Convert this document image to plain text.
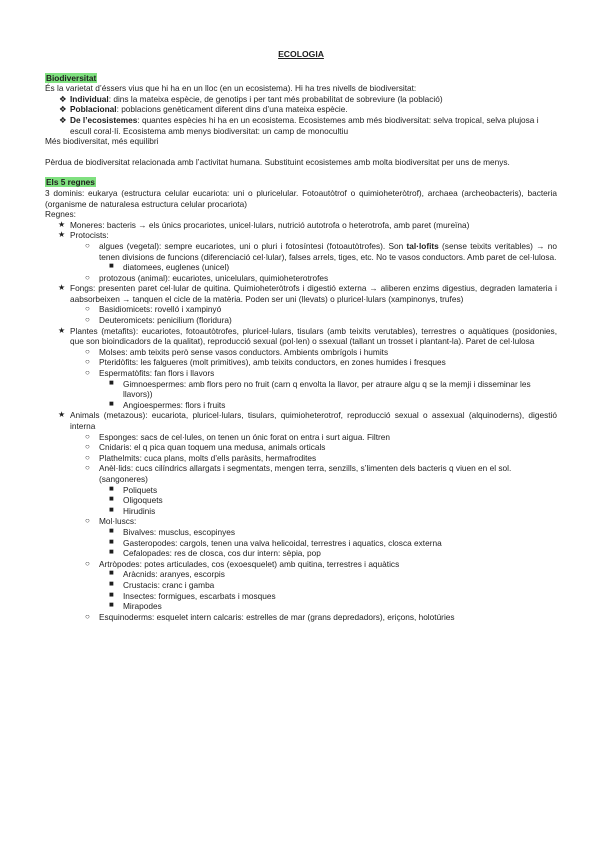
ECOLOGIA
Biodiversitat

És la varietat d’éssers vius que hi ha en un lloc (en un ecosistema). Hi ha tres nivells de biodiversitat:

❖ Individual: dins la mateixa espècie, de genotips i per tant més probabilitat de sobreviure (la població)
❖ Poblacional: poblacions genèticament diferent dins d’una mateixa espècie.
❖ De l’ecosistemes: quantes espècies hi ha en un ecosistema. Ecosistemes amb més biodiversitat: selva tropical, selva plujosa i escull coral·lí. Ecosistema amb menys biodiversitat: un camp de monocultiu

Més biodiversitat, més equilibri

Pèrdua de biodiversitat relacionada amb l’activitat humana. Substituint ecosistemes amb molta biodiversitat per uns de menys.

Els 5 regnes

3 dominis: eukarya (estructura celular eucariota: uni o pluricelular. Fotoautòtrof o quimioheteròtrof), archaea (archeobacteris), bacteria (organisme de naturalesa estructura celular procariota)

Regnes:

★ Moneres: bacteris → els únics procariotes, unicel·lulars, nutrició autotrofa o heterotrofa, amb paret (mureïna)
★ Protocists:
○ algues (vegetal): sempre eucariotes, uni o pluri i fotosíntesi (fotoautòtrofes). Son tal·lofits (sense teixits veritables) → no tenen divisions de funcions (diferenciació cel·lular), falses arrels, tiges, etc. No te vasos conductors. Amb paret de cel·lulosa.
■ diatomees, euglenes (unicel)
○ protozous (animal): eucariotes, unicelulars, quimioheterotrofes
★ Fongs: presenten paret cel·lular de quitina. Quimioheteròtrofs i digestió externa → aliberen enzims digestius, degraden lamateria i aabsorbeixen → tanquen el cicle de la matèria. Poden ser uni (llevats) o pluricel·lulars (xampinonys, trufes)
○ Basidiomicets: rovelló i xampinyó
○ Deuteromicets: penicilium (floridura)
★ Plantes (metafits): eucariotes, fotoautòtrofes, pluricel·lulars, tisulars (amb teixits verutables), terrestres o aquàtiques (posidonies, que son bioindicadors de la qualitat), reproducció sexual (pol·len) o ssexual (tallant un trosset i plantant-la). Paret de cel·lulosa
○ Molses: amb teixits però sense vasos conductors. Ambients ombrígols i humits
○ Pteridòfits: les falgueres (molt primitives), amb teixits conductors, en zones humides i fresques
○ Espermatòfits: fan flors i llavors
■ Gimnoespermes: amb flors pero no fruit (carn q envolta la llavor, per atraure algu q se la memji i disseminar les llavors))
■ Angioespermes: flors i fruits
★ Animals (metazous): eucariota, pluricel·lulars, tisulars, quimioheterotrof, reproducció sexual o assexual (alquinoderns), digestió interna
○ Esponges: sacs de cel·lules, on tenen un ónic forat on entra i surt aigua. Filtren
○ Cnidaris: el q pica quan toquem una medusa, animals orticals
○ Plathelmits: cuca plans, molts d’ells paràsits, hermafrodites
○ Anèl·lids: cucs cilíndrics allargats i segmentats, mengen terra, senzills, s’limenten dels bacteris q viuen en el sol. (sangoneres)
■ Poliquets
■ Oligoquets
■ Hirudinis
○ Mol·luscs:
■ Bivalves: musclus, escopinyes
■ Gasteropodes: cargols, tenen una valva helicoidal, terrestres i aquatics, closca externa
■ Cefalopades: res de closca, cos dur intern: sèpia, pop
○ Artròpodes: potes articulades, cos (exoesquelet) amb quitina, terrestres i aquàtics
■ Aràcnids: aranyes, escorpis
■ Crustacis: cranc i gamba
■ Insectes: formigues, escarbats i mosques
■ Mirapodes
○ Esquinoderms: esquelet intern calcaris: estrelles de mar (grans depredadors), eriçons, holotúries
